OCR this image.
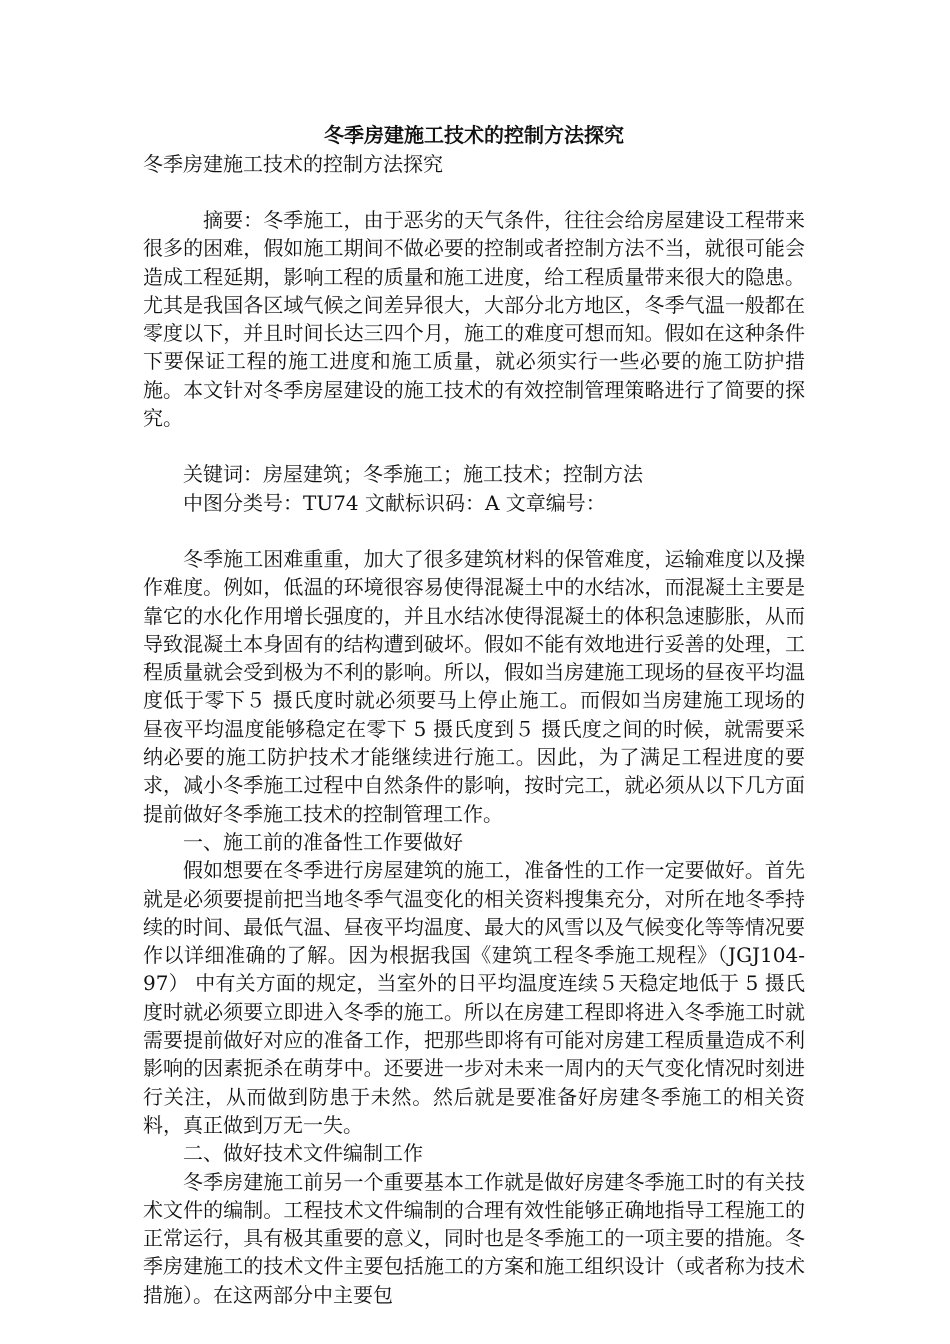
冬季房建施工技术的控制方法探究
冬季房建施工技术的控制方法探究

摘要：冬季施工，由于恶劣的天气条件，往往会给房屋建设工程带来很多的困难，假如施工期间不做必要的控制或者控制方法不当，就很可能会造成工程延期，影响工程的质量和施工进度，给工程质量带来很大的隐患。尤其是我国各区域气候之间差异很大，大部分北方地区，冬季气温一般都在零度以下，并且时间长达三四个月，施工的难度可想而知。假如在这种条件下要保证工程的施工进度和施工质量，就必须实行一些必要的施工防护措施。本文针对冬季房屋建设的施工技术的有效控制管理策略进行了简要的探究。

关键词：房屋建筑；冬季施工；施工技术；控制方法

中图分类号：TU74 文献标识码：A 文章编号：

冬季施工困难重重，加大了很多建筑材料的保管难度，运输难度以及操作难度。例如，低温的环境很容易使得混凝土中的水结冰，而混凝土主要是靠它的水化作用增长强度的，并且水结冰使得混凝土的体积急速膨胀，从而导致混凝土本身固有的结构遭到破坏。假如不能有效地进行妥善的处理，工程质量就会受到极为不利的影响。所以，假如当房建施工现场的昼夜平均温度低于零下５ 摄氏度时就必须要马上停止施工。而假如当房建施工现场的昼夜平均温度能够稳定在零下 5 摄氏度到５ 摄氏度之间的时候，就需要采纳必要的施工防护技术才能继续进行施工。因此，为了满足工程进度的要求，减小冬季施工过程中自然条件的影响，按时完工，就必须从以下几方面提前做好冬季施工技术的控制管理工作。

一、施工前的准备性工作要做好

假如想要在冬季进行房屋建筑的施工，准备性的工作一定要做好。首先就是必须要提前把当地冬季气温变化的相关资料搜集充分，对所在地冬季持续的时间、最低气温、昼夜平均温度、最大的风雪以及气候变化等等情况要作以详细准确的了解。因为根据我国《建筑工程冬季施工规程》（JGJ104-97） 中有关方面的规定，当室外的日平均温度连续５天稳定地低于 5 摄氏度时就必须要立即进入冬季的施工。所以在房建工程即将进入冬季施工时就需要提前做好对应的准备工作，把那些即将有可能对房建工程质量造成不利影响的因素扼杀在萌芽中。还要进一步对未来一周内的天气变化情况时刻进行关注，从而做到防患于未然。然后就是要准备好房建冬季施工的相关资料，真正做到万无一失。

二、做好技术文件编制工作

冬季房建施工前另一个重要基本工作就是做好房建冬季施工时的有关技术文件的编制。工程技术文件编制的合理有效性能够正确地指导工程施工的正常运行，具有极其重要的意义，同时也是冬季施工的一项主要的措施。冬季房建施工的技术文件主要包括施工的方案和施工组织设计（或者称为技术措施）。在这两部分中主要包
